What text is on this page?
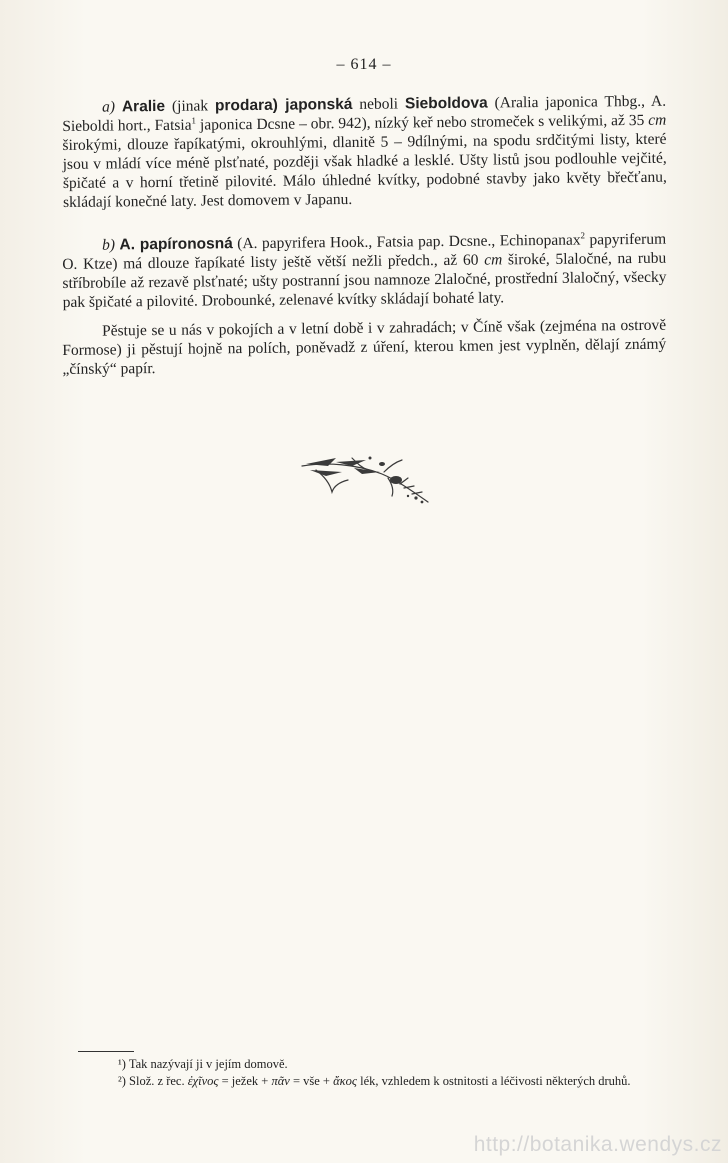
– 614 –

a) Aralie (jinak prodara) japonská neboli Sieboldova (Aralia japonica Thbg., A. Sieboldi hort., Fatsia$^1$ japonica Dcsne – obr. 942), nízký keř nebo stromeček s velikými, až 35 cm širokými, dlouze řapíkatými, okrouhlými, dlanitě 5 – 9dílnými, na spodu srdčitými listy, které jsou v mládí více méně plsťnaté, později však hladké a lesklé. Ušty listů jsou podlouhle vejčité, špičaté a v horní třetině pilovité. Málo úhledné kvítky, podobné stavby jako květy břečťanu, skládají konečné laty. Jest domovem v Japanu.

b) A. papíronosná (A. papyrifera Hook., Fatsia pap. Dcsne., Echinopanax$^2$ papyriferum O. Ktze) má dlouze řapíkaté listy ještě větší nežli předch., až 60 cm široké, 5laločné, na rubu stříbrobíle až rezavě plsťnaté; ušty postranní jsou namnoze 2laločné, prostřední 3laločný, všecky pak špičaté a pilovité. Drobounké, zelenavé kvítky skládají bohaté laty.

Pěstuje se u nás v pokojích a v letní době i v zahradách; v Číně však (zejména na ostrově Formose) ji pěstují hojně na polích, poněvadž z úření, kterou kmen jest vyplněn, dělají známý „čínský“ papír.

¹) Tak nazývají ji v jejím domově.

²) Slož. z řec. ἐχῖνος = ježek + πᾶν = vše + ἄκος lék, vzhledem k ostnitosti a léčivosti některých druhů.

http://botanika.wendys.cz
